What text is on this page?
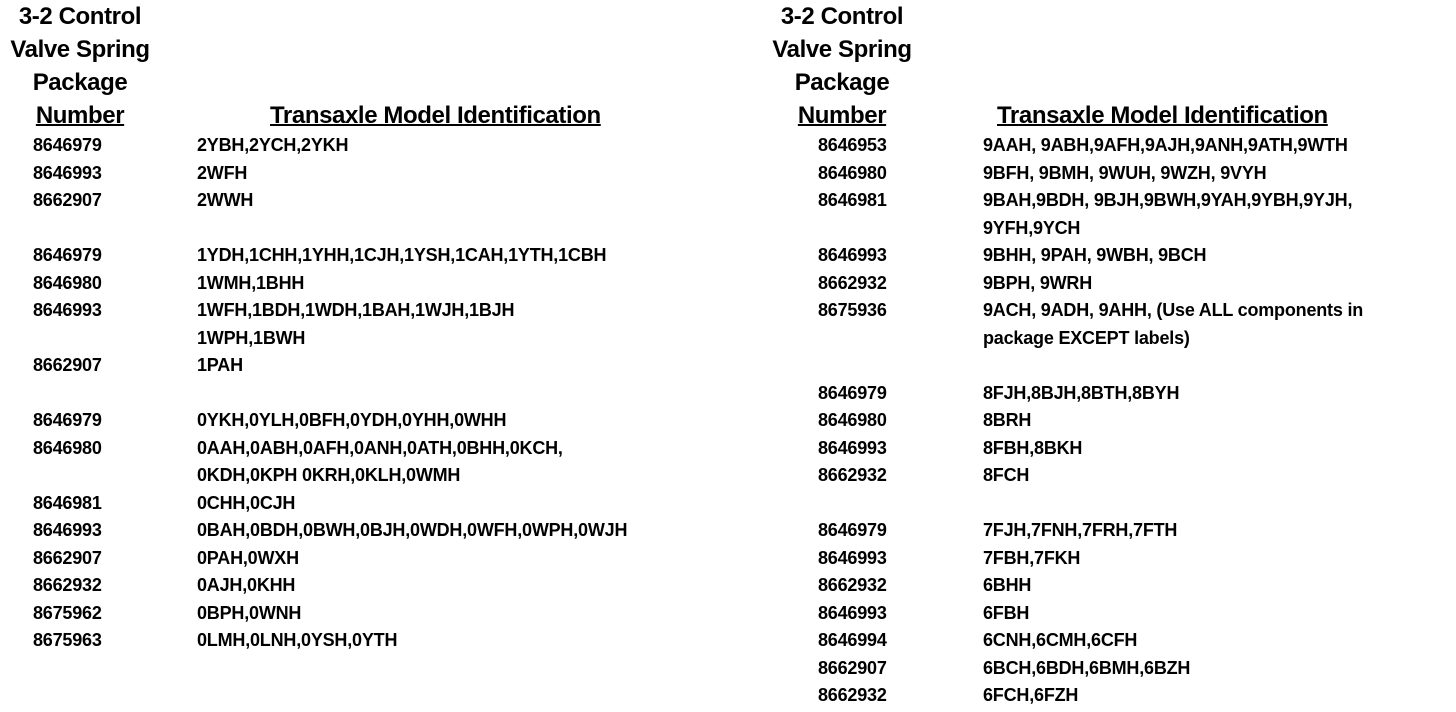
3-2 Control
Valve Spring
Package
Number	Transaxle Model Identification
8646979	2YBH,2YCH,2YKH
8646993	2WFH
8662907	2WWH
8646979	1YDH,1CHH,1YHH,1CJH,1YSH,1CAH,1YTH,1CBH
8646980	1WMH,1BHH
8646993	1WFH,1BDH,1WDH,1BAH,1WJH,1BJH
1WPH,1BWH
8662907	1PAH
8646979	0YKH,0YLH,0BFH,0YDH,0YHH,0WHH
8646980	0AAH,0ABH,0AFH,0ANH,0ATH,0BHH,0KCH,
0KDH,0KPH 0KRH,0KLH,0WMH
8646981	0CHH,0CJH
8646993	0BAH,0BDH,0BWH,0BJH,0WDH,0WFH,0WPH,0WJH
8662907	0PAH,0WXH
8662932	0AJH,0KHH
8675962	0BPH,0WNH
8675963	0LMH,0LNH,0YSH,0YTH
3-2 Control
Valve Spring
Package
Number	Transaxle Model Identification
8646953	9AAH, 9ABH,9AFH,9AJH,9ANH,9ATH,9WTH
8646980	9BFH, 9BMH, 9WUH, 9WZH, 9VYH
8646981	9BAH,9BDH, 9BJH,9BWH,9YAH,9YBH,9YJH,
9YFH,9YCH
8646993	9BHH, 9PAH, 9WBH, 9BCH
8662932	9BPH, 9WRH
8675936	9ACH, 9ADH, 9AHH, (Use ALL components in
package EXCEPT labels)
8646979	8FJH,8BJH,8BTH,8BYH
8646980	8BRH
8646993	8FBH,8BKH
8662932	8FCH
8646979	7FJH,7FNH,7FRH,7FTH
8646993	7FBH,7FKH
8662932	6BHH
8646993	6FBH
8646994	6CNH,6CMH,6CFH
8662907	6BCH,6BDH,6BMH,6BZH
8662932	6FCH,6FZH
